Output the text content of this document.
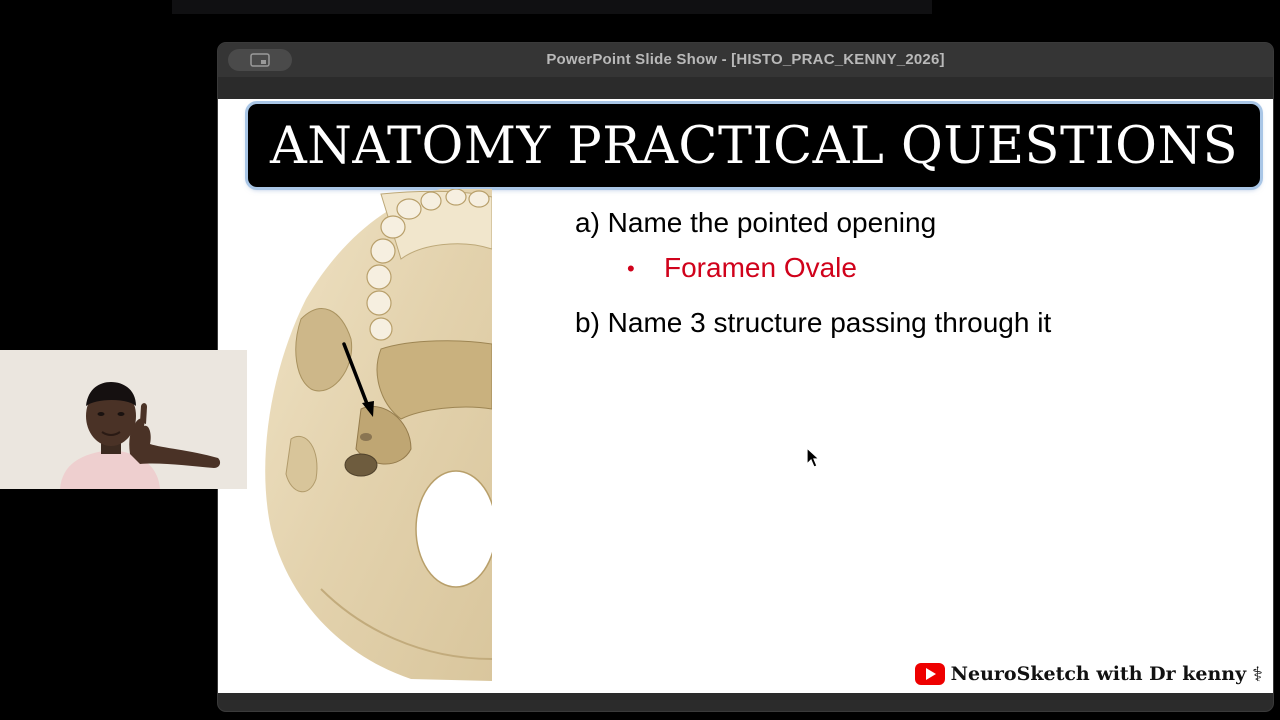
PowerPoint Slide Show - [HISTO_PRAC_KENNY_2026]
ANATOMY PRACTICAL QUESTIONS
a) Name the pointed opening
• Foramen Ovale
b) Name 3 structure passing through it
NeuroSketch with Dr kenny ⚕
